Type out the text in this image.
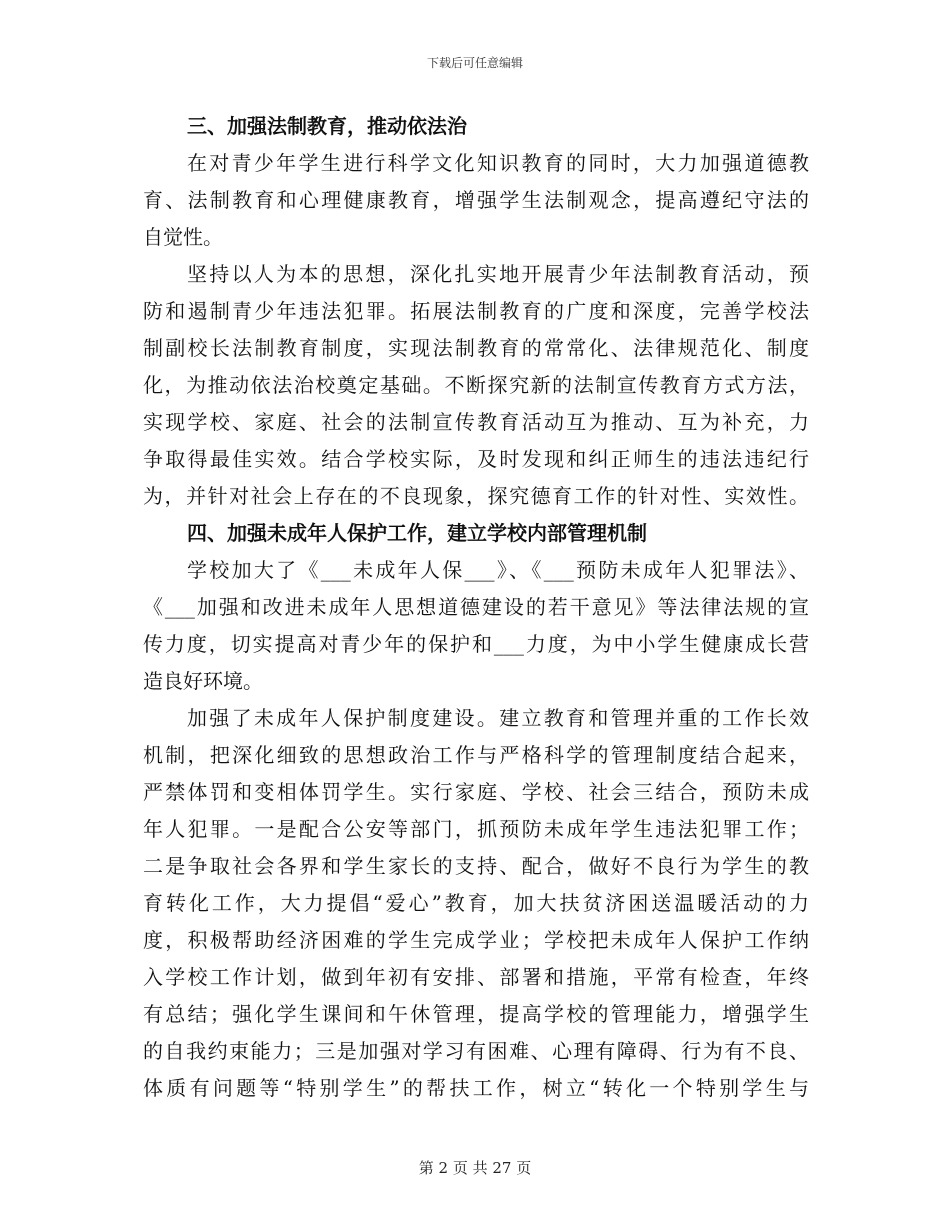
下载后可任意编辑
三、加强法制教育，推动依法治
在对青少年学生进行科学文化知识教育的同时，大力加强道德教
育、法制教育和心理健康教育，增强学生法制观念，提高遵纪守法的
自觉性。
坚持以人为本的思想，深化扎实地开展青少年法制教育活动，预
防和遏制青少年违法犯罪。拓展法制教育的广度和深度，完善学校法
制副校长法制教育制度，实现法制教育的常常化、法律规范化、制度
化，为推动依法治校奠定基础。不断探究新的法制宣传教育方式方法，
实现学校、家庭、社会的法制宣传教育活动互为推动、互为补充，力
争取得最佳实效。结合学校实际，及时发现和纠正师生的违法违纪行
为，并针对社会上存在的不良现象，探究德育工作的针对性、实效性。
四、加强未成年人保护工作，建立学校内部管理机制
学校加大了《___未成年人保___》、《___预防未成年人犯罪法》、
《___加强和改进未成年人思想道德建设的若干意见》等法律法规的宣
传力度，切实提高对青少年的保护和___力度，为中小学生健康成长营
造良好环境。
加强了未成年人保护制度建设。建立教育和管理并重的工作长效
机制，把深化细致的思想政治工作与严格科学的管理制度结合起来，
严禁体罚和变相体罚学生。实行家庭、学校、社会三结合，预防未成
年人犯罪。一是配合公安等部门，抓预防未成年学生违法犯罪工作；
二是争取社会各界和学生家长的支持、配合，做好不良行为学生的教
育转化工作，大力提倡“爱心”教育，加大扶贫济困送温暖活动的力
度，积极帮助经济困难的学生完成学业；学校把未成年人保护工作纳
入学校工作计划，做到年初有安排、部署和措施，平常有检查，年终
有总结；强化学生课间和午休管理，提高学校的管理能力，增强学生
的自我约束能力；三是加强对学习有困难、心理有障碍、行为有不良、
体质有问题等“特别学生”的帮扶工作，树立“转化一个特别学生与
第 2 页 共 27 页
